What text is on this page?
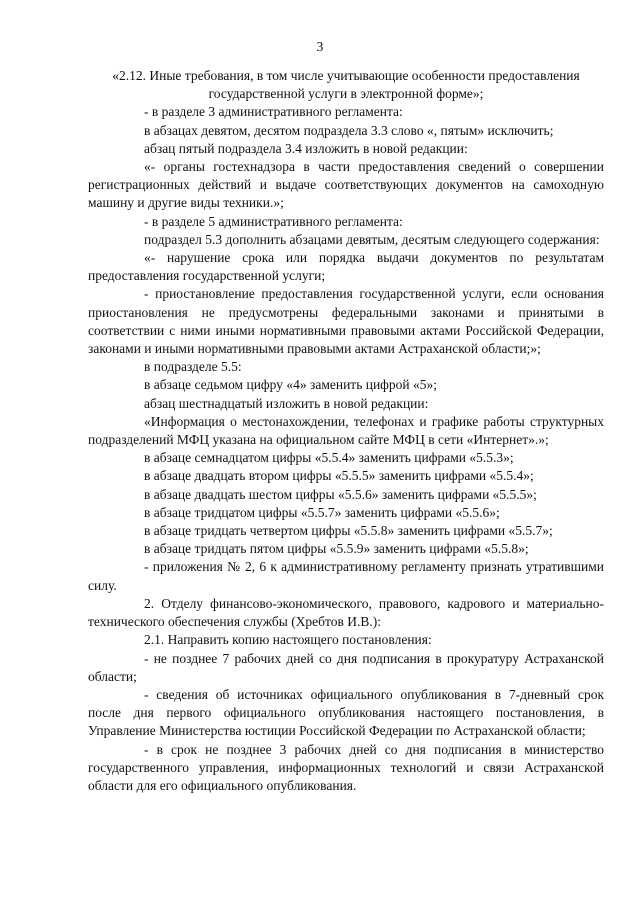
3

«2.12. Иные требования, в том числе учитывающие особенности предоставления государственной услуги в электронной форме»;

- в разделе 3 административного регламента:

в абзацах девятом, десятом подраздела 3.3 слово «, пятым» исключить;

абзац пятый подраздела 3.4 изложить в новой редакции:

«- органы гостехнадзора в части предоставления сведений о совершении регистрационных действий и выдаче соответствующих документов на самоходную машину и другие виды техники.»;

- в разделе 5 административного регламента:

подраздел 5.3 дополнить абзацами девятым, десятым следующего содержания:

«- нарушение срока или порядка выдачи документов по результатам предоставления государственной услуги;

- приостановление предоставления государственной услуги, если основания приостановления не предусмотрены федеральными законами и принятыми в соответствии с ними иными нормативными правовыми актами Российской Федерации, законами и иными нормативными правовыми актами Астраханской области;»;

в подразделе 5.5:

в абзаце седьмом цифру «4» заменить цифрой «5»;

абзац шестнадцатый изложить в новой редакции:

«Информация о местонахождении, телефонах и графике работы структурных подразделений МФЦ указана на официальном сайте МФЦ в сети «Интернет».»;

в абзаце семнадцатом цифры «5.5.4» заменить цифрами «5.5.3»;

в абзаце двадцать втором цифры «5.5.5» заменить цифрами «5.5.4»;

в абзаце двадцать шестом цифры «5.5.6» заменить цифрами «5.5.5»;

в абзаце тридцатом цифры «5.5.7» заменить цифрами «5.5.6»;

в абзаце тридцать четвертом цифры «5.5.8» заменить цифрами «5.5.7»;

в абзаце тридцать пятом цифры «5.5.9» заменить цифрами «5.5.8»;

- приложения № 2, 6 к административному регламенту признать утратившими силу.

2. Отделу финансово-экономического, правового, кадрового и материально-технического обеспечения службы (Хребтов И.В.):

2.1. Направить копию настоящего постановления:

- не позднее 7 рабочих дней со дня подписания в прокуратуру Астраханской области;

- сведения об источниках официального опубликования в 7-дневный срок после дня первого официального опубликования настоящего постановления, в Управление Министерства юстиции Российской Федерации по Астраханской области;

- в срок не позднее 3 рабочих дней со дня подписания в министерство государственного управления, информационных технологий и связи Астраханской области для его официального опубликования.
